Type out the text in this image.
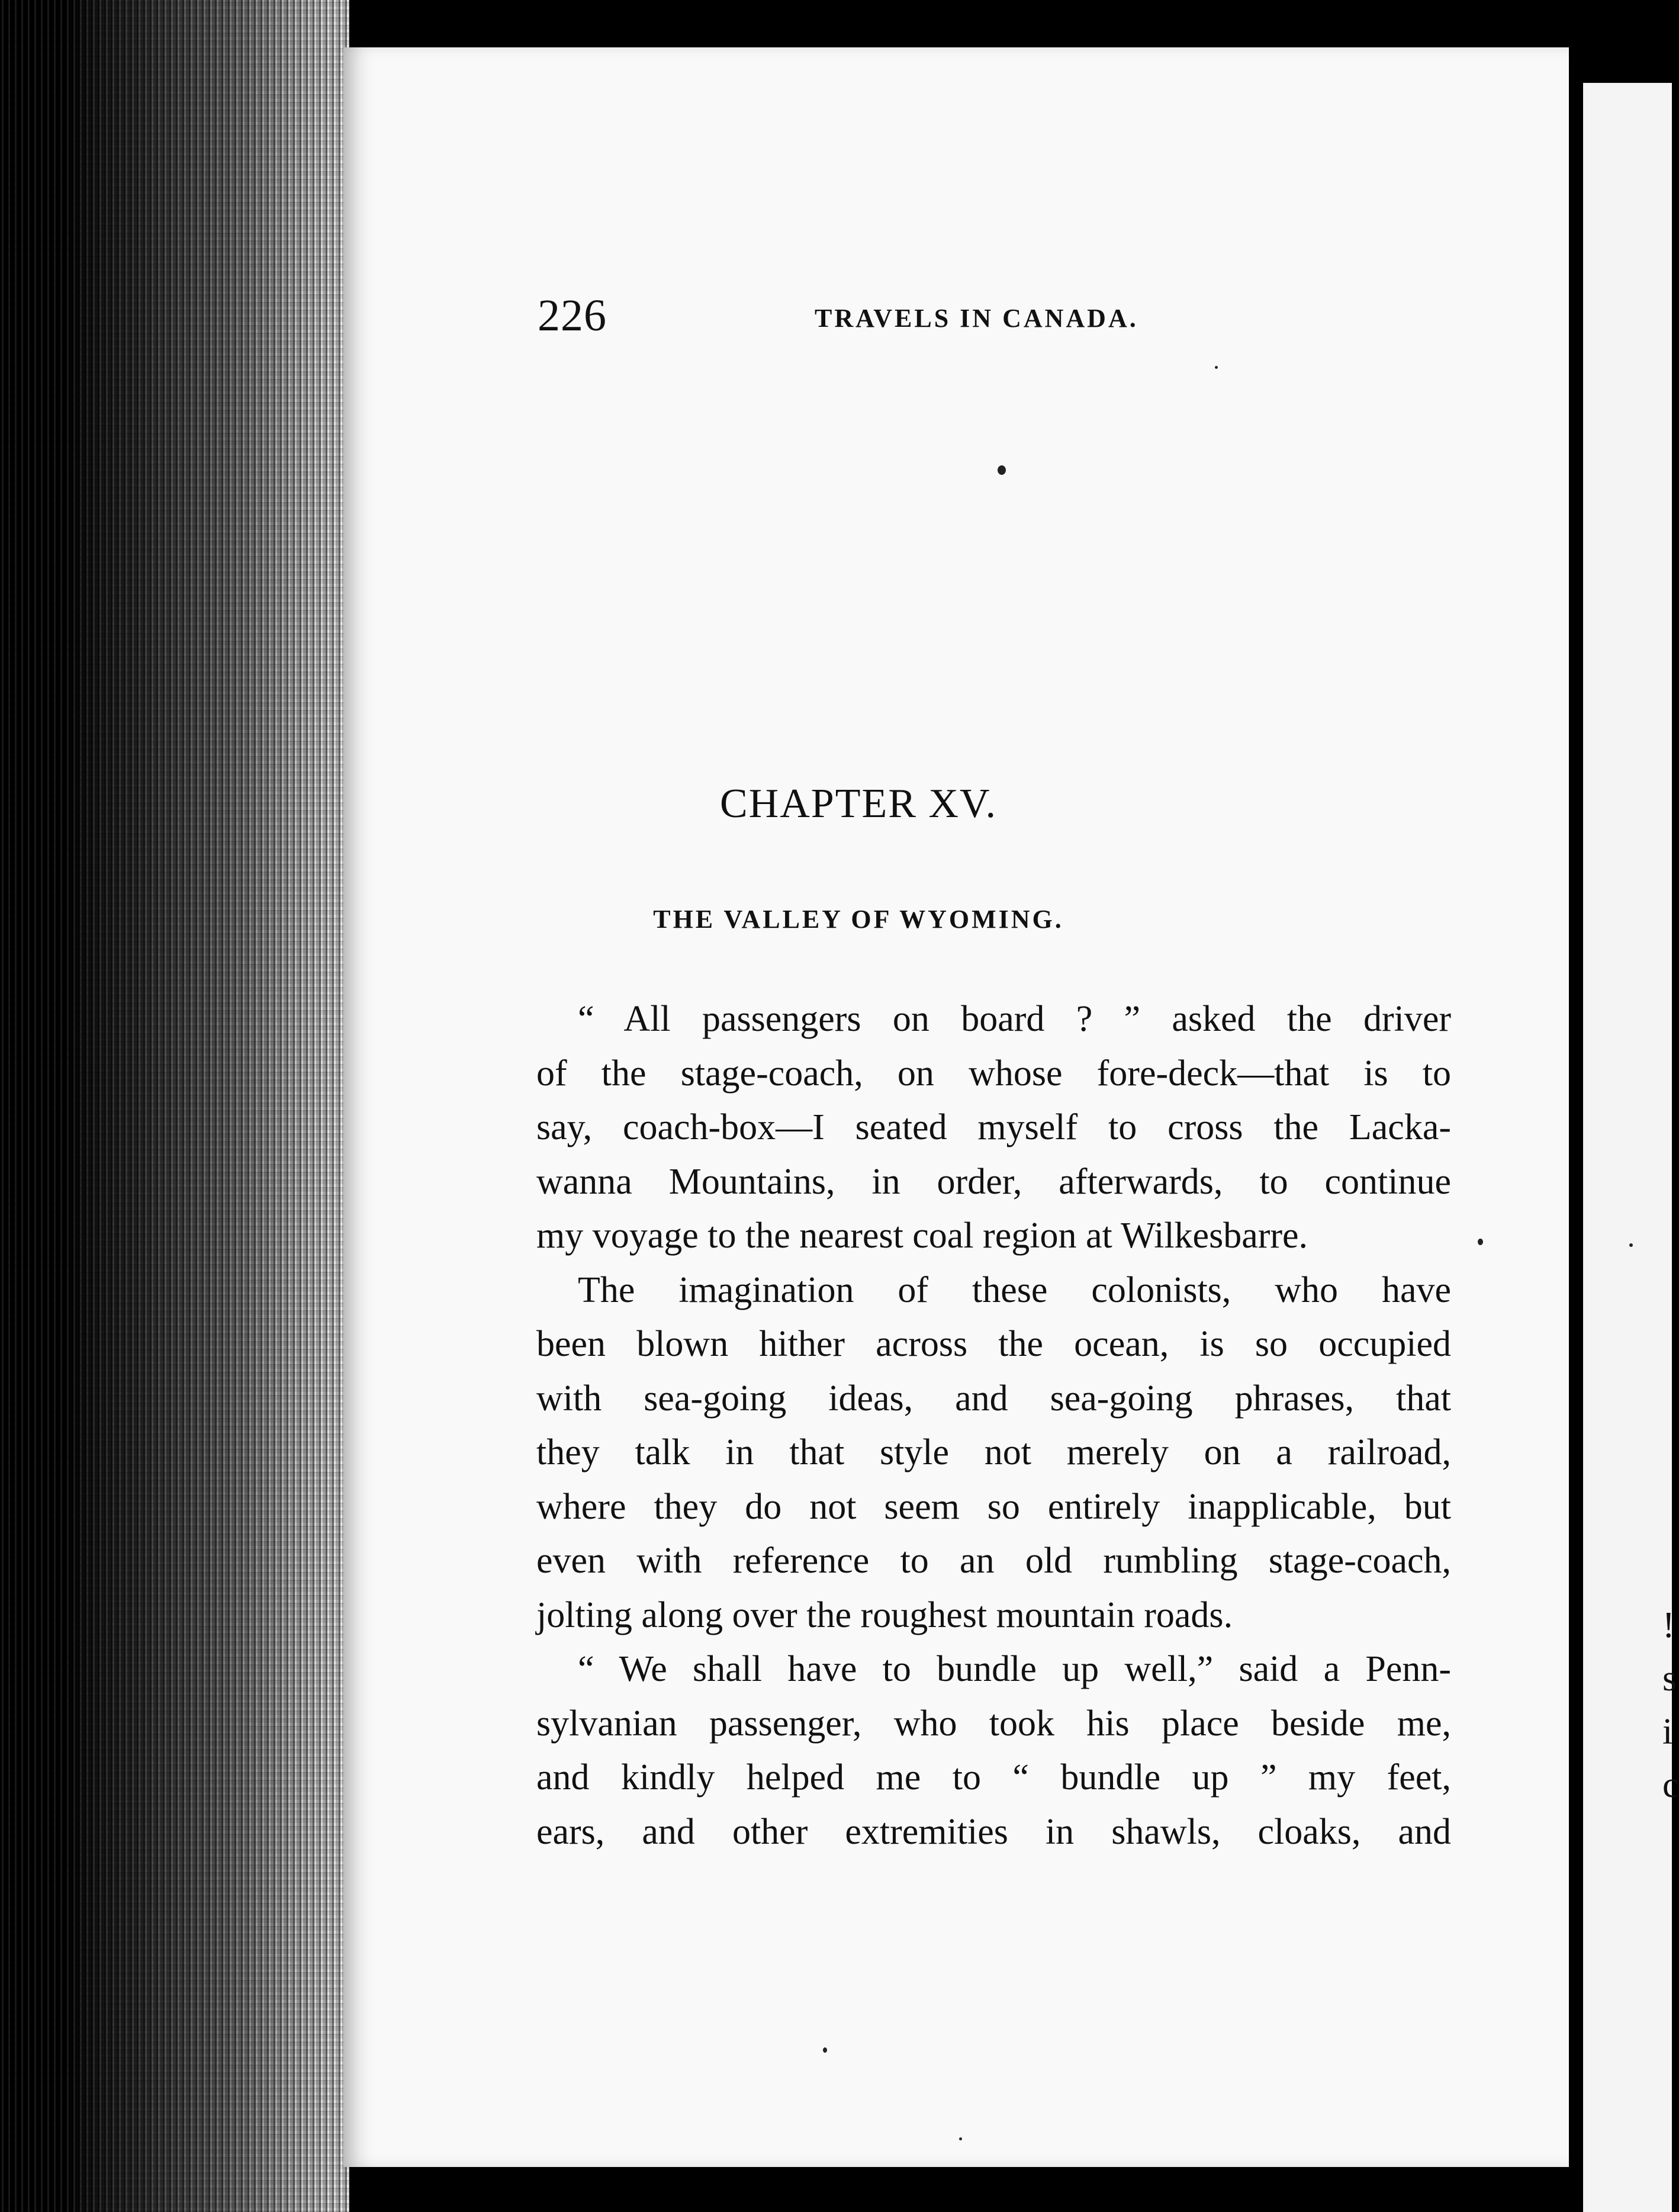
!
s
i
c
226	TRAVELS IN CANADA.
CHAPTER XV.
THE VALLEY OF WYOMING.
“ All passengers on board ? ” asked the driver
of the stage-coach, on whose fore-deck—that is to
say, coach-box—I seated myself to cross the Lacka-
wanna Mountains, in order, afterwards, to continue
my voyage to the nearest coal region at Wilkesbarre.
The imagination of these colonists, who have
been blown hither across the ocean, is so occupied
with sea-going ideas, and sea-going phrases, that
they talk in that style not merely on a railroad,
where they do not seem so entirely inapplicable, but
even with reference to an old rumbling stage-coach,
jolting along over the roughest mountain roads.
“ We shall have to bundle up well,” said a Penn-
sylvanian passenger, who took his place beside me,
and kindly helped me to “ bundle up ” my feet,
ears, and other extremities in shawls, cloaks, and
